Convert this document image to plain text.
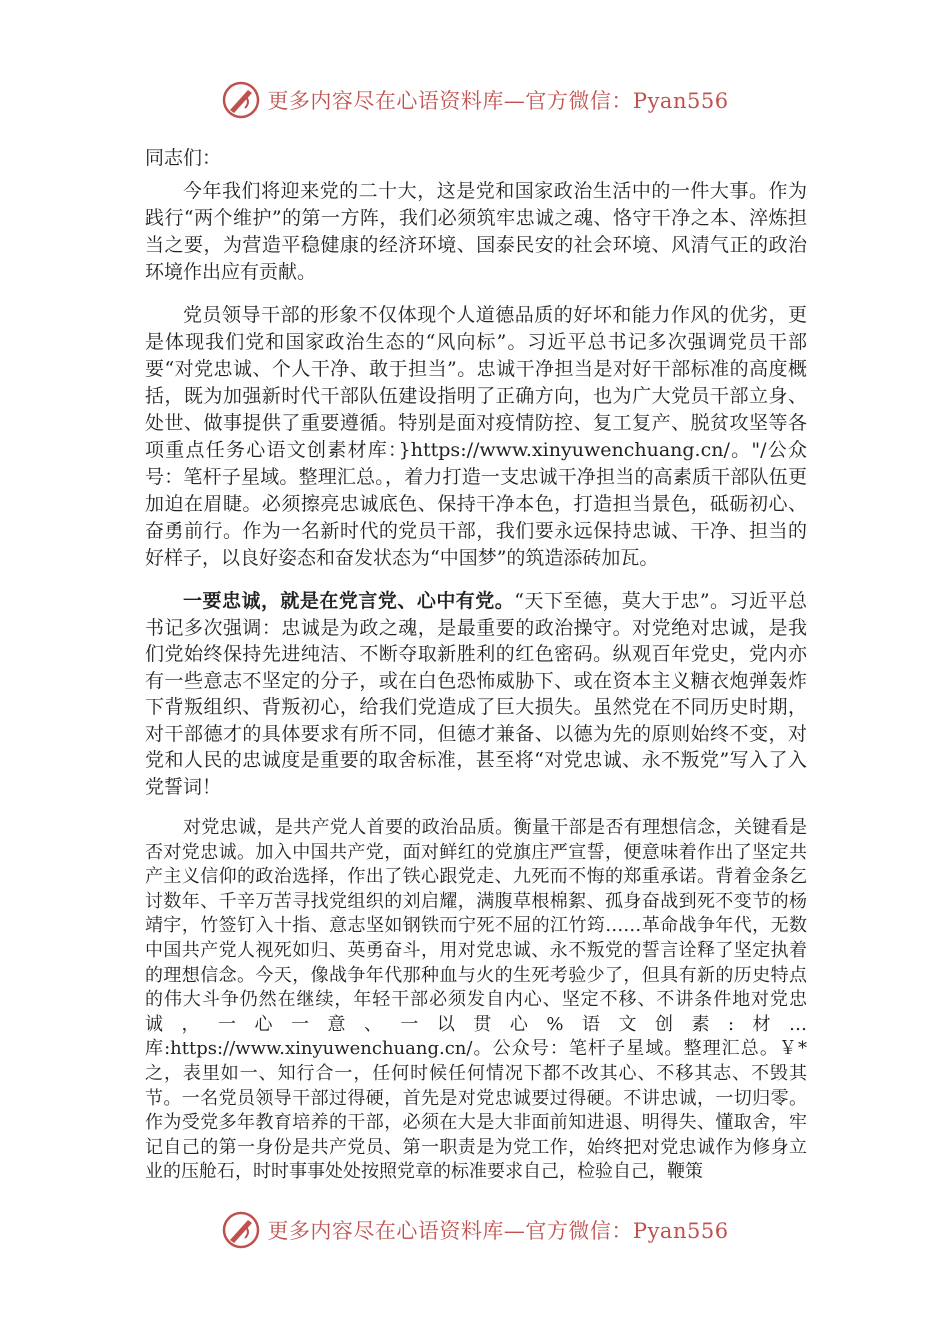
更多内容尽在心语资料库—官方微信：Pyan556

同志们：

今年我们将迎来党的二十大，这是党和国家政治生活中的一件大事。作为践行“两个维护”的第一方阵，我们必须筑牢忠诚之魂、恪守干净之本、淬炼担当之要，为营造平稳健康的经济环境、国泰民安的社会环境、风清气正的政治环境作出应有贡献。

党员领导干部的形象不仅体现个人道德品质的好坏和能力作风的优劣，更是体现我们党和国家政治生态的“风向标”。习近平总书记多次强调党员干部要“对党忠诚、个人干净、敢于担当”。忠诚干净担当是对好干部标准的高度概括，既为加强新时代干部队伍建设指明了正确方向，也为广大党员干部立身、处世、做事提供了重要遵循。特别是面对疫情防控、复工复产、脱贫攻坚等各项重点任务心语文创素材库：}https://www.xinyuwenchuang.cn/。"/公众号：笔杆子星域。整理汇总。，着力打造一支忠诚干净担当的高素质干部队伍更加迫在眉睫。必须擦亮忠诚底色、保持干净本色，打造担当景色，砥砺初心、奋勇前行。作为一名新时代的党员干部，我们要永远保持忠诚、干净、担当的好样子，以良好姿态和奋发状态为“中国梦”的筑造添砖加瓦。

一要忠诚，就是在党言党、心中有党。“天下至德，莫大于忠”。习近平总书记多次强调：忠诚是为政之魂，是最重要的政治操守。对党绝对忠诚，是我们党始终保持先进纯洁、不断夺取新胜利的红色密码。纵观百年党史，党内亦有一些意志不坚定的分子，或在白色恐怖威胁下、或在资本主义糖衣炮弹轰炸下背叛组织、背叛初心，给我们党造成了巨大损失。虽然党在不同历史时期，对干部德才的具体要求有所不同，但德才兼备、以德为先的原则始终不变，对党和人民的忠诚度是重要的取舍标准，甚至将“对党忠诚、永不叛党”写入了入党誓词！

对党忠诚，是共产党人首要的政治品质。衡量干部是否有理想信念，关键看是否对党忠诚。加入中国共产党，面对鲜红的党旗庄严宣誓，便意味着作出了坚定共产主义信仰的政治选择，作出了铁心跟党走、九死而不悔的郑重承诺。背着金条乞讨数年、千辛万苦寻找党组织的刘启耀，满腹草根棉絮、孤身奋战到死不变节的杨靖宇，竹签钉入十指、意志坚如钢铁而宁死不屈的江竹筠……革命战争年代，无数中国共产党人视死如归、英勇奋斗，用对党忠诚、永不叛党的誓言诠释了坚定执着的理想信念。今天，像战争年代那种血与火的生死考验少了，但具有新的历史特点的伟大斗争仍然在继续，年轻干部必须发自内心、坚定不移、不讲条件地对党忠诚，一心一意、一以贯心%语文创素:材…库:https://www.xinyuwenchuang.cn/。公众号：笔杆子星域。整理汇总。￥*之，表里如一、知行合一，任何时候任何情况下都不改其心、不移其志、不毁其节。一名党员领导干部过得硬，首先是对党忠诚要过得硬。不讲忠诚，一切归零。作为受党多年教育培养的干部，必须在大是大非面前知进退、明得失、懂取舍，牢记自己的第一身份是共产党员、第一职责是为党工作，始终把对党忠诚作为修身立业的压舱石，时时事事处处按照党章的标准要求自己，检验自己，鞭策

更多内容尽在心语资料库—官方微信：Pyan556
